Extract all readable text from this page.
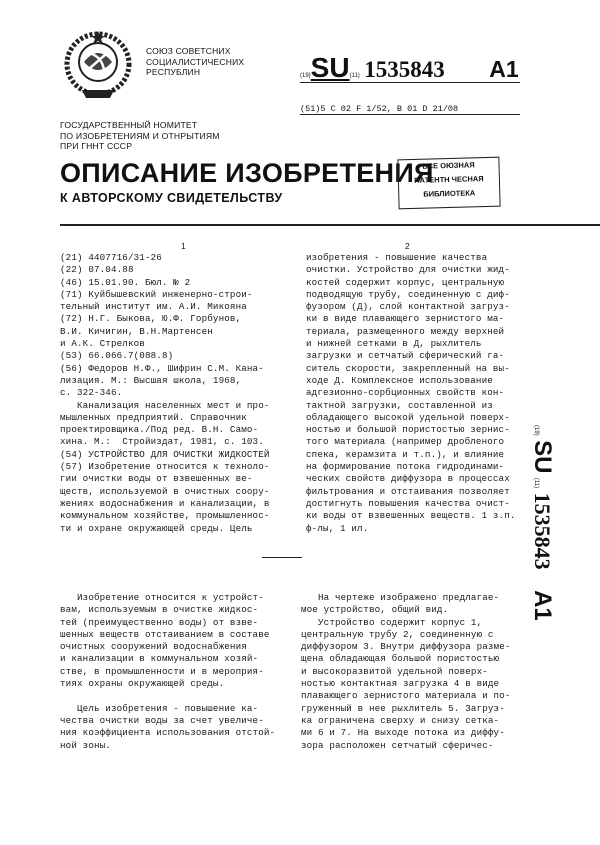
СОЮЗ СОВЕТСНИХ
СОЦИАЛИСТИЧЕСНИХ
РЕСПУБЛИН
ГОСУДАРСТВЕННЫЙ НОМИТЕТ
ПО ИЗОБРЕТЕНИЯМ И ОТНРЫТИЯМ
ПРИ ГННТ СССР
(19)SU(11) 1535843 A1
(51)5 C 02 F 1/52, B 01 D 21/08
ОПИСАНИЕ ИЗОБРЕТЕНИЯ
К АВТОРСКОМУ СВИДЕТЕЛЬСТВУ
БСЕ ОЮЗНАЯ
ПАТЕНТН ЧЕСНАЯ
БИБЛИОТЕКА
1	2
(21) 4407716/31-26
(22) 07.04.88
(46) 15.01.90. Бюл. № 2
(71) Куйбышевский инженерно-строи-
тельный институт им. А.И. Микояна
(72) Н.Г. Быкова, Ю.Ф. Горбунов,
В.И. Кичигин, В.Н.Мартенсен
и А.К. Стрелков
(53) 66.066.7(088.8)
(56) Федоров Н.Ф., Шифрин С.М. Кана-
лизация. М.: Высшая школа, 1968,
с. 322-346.
Канализация населенных мест и про-
мышленных предприятий. Справочник
проектировщика./Под ред. В.Н. Само-
хина. М.:  Стройиздат, 1981, с. 103.
(54) УСТРОЙСТВО ДЛЯ ОЧИСТКИ ЖИДКОСТЕЙ
(57) Изобретение относится к техноло-
гии очистки воды от взвешенных ве-
ществ, используемой в очистных соору-
жениях водоснабжения и канализации, в
коммунальном хозяйстве, промышленнос-
ти и охране окружающей среды. Цель
изобретения - повышение качества
очистки. Устройство для очистки жид-
костей содержит корпус, центральную
подводящую трубу, соединенную с диф-
фузором (Д), слой контактной загруз-
ки в виде плавающего зернистого ма-
териала, размещенного между верхней
и нижней сетками в Д, рыхлитель
загрузки и сетчатый сферический га-
ситель скорости, закрепленный на вы-
ходе Д. Комплексное использование
адгезионно-сорбционных свойств кон-
тактной загрузки, составленной из
обладающего высокой удельной поверх-
ностью и большой пористостью зернис-
того материала (например дробленого
спека, керамзита и т.п.), и влияние
на формирование потока гидродинами-
ческих свойств диффузора в процессах
фильтрования и отстаивания позволяет
достигнуть повышения качества очист-
ки воды от взвешенных веществ. 1 з.п.
ф-лы, 1 ил.
Изобретение относится к устройст-
вам, используемым в очистке жидкос-
тей (преимущественно воды) от взве-
шенных веществ отстаиванием в составе
очистных сооружений водоснабжения
и канализации в коммунальном хозяй-
стве, в промышленности и в мероприя-
тиях охраны окружающей среды.
Цель изобретения - повышение ка-
чества очистки воды за счет увеличе-
ния коэффициента использования отстой-
ной зоны.
На чертеже изображено предлагае-
мое устройство, общий вид.
Устройство содержит корпус 1,
центральную трубу 2, соединенную с
диффузором 3. Внутри диффузора разме-
щена обладающая большой пористостью
и высокоразвитой удельной поверх-
ностью контактная загрузка 4 в виде
плавающего зернистого материала и по-
груженный в нее рыхлитель 5. Загруз-
ка ограничена сверху и снизу сетка-
ми 6 и 7. На выходе потока из диффу-
зора расположен сетчатый сферичес-
(19) SU (11) 1535843 A1
